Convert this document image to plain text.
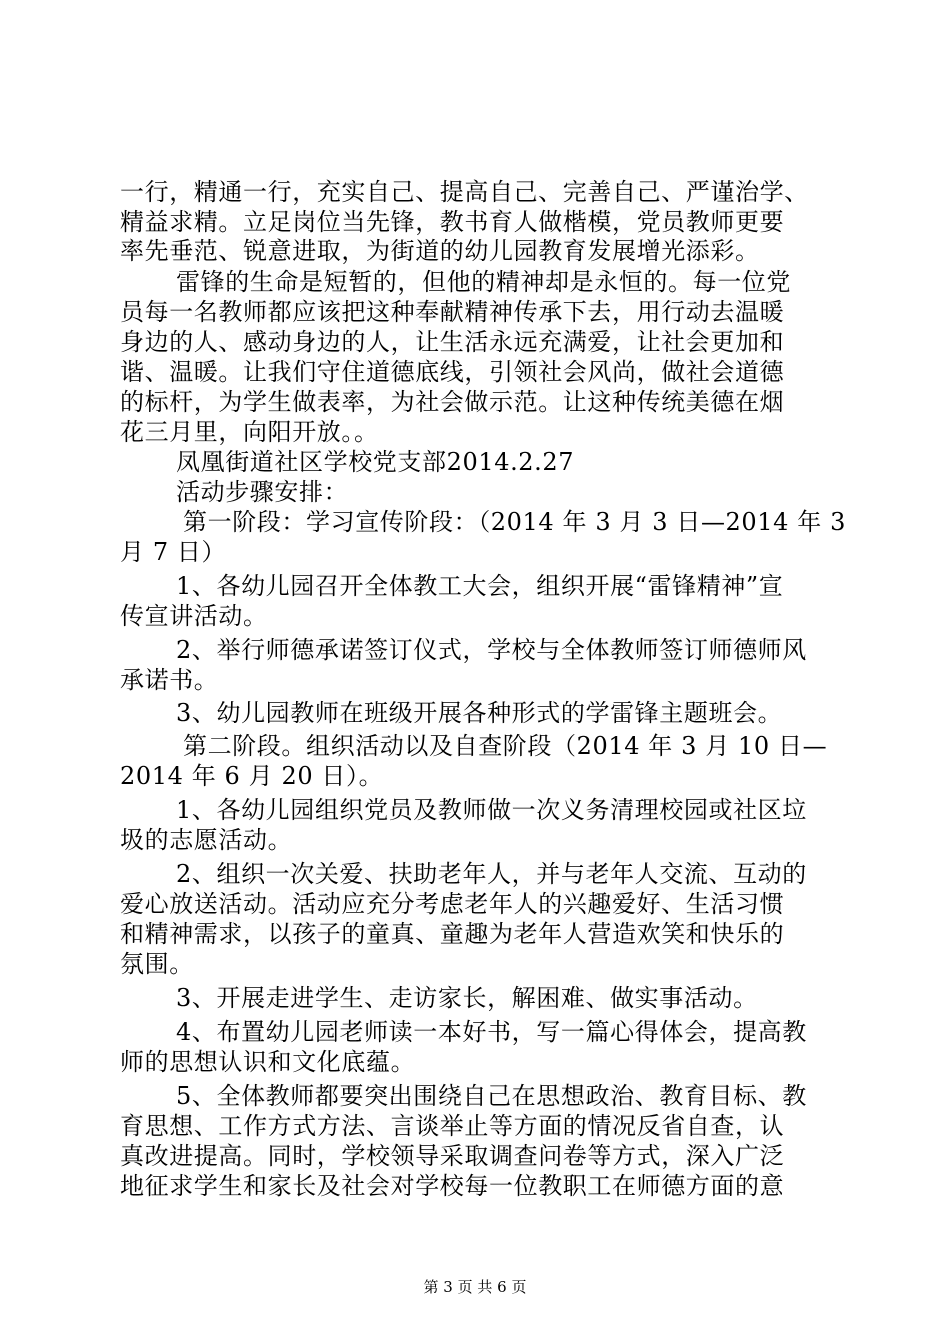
一行，精通一行，充实自己、提高自己、完善自己、严谨治学、
精益求精。立足岗位当先锋，教书育人做楷模，党员教师更要
率先垂范、锐意进取，为街道的幼儿园教育发展增光添彩。
雷锋的生命是短暂的，但他的精神却是永恒的。每一位党
员每一名教师都应该把这种奉献精神传承下去，用行动去温暖
身边的人、感动身边的人，让生活永远充满爱，让社会更加和
谐、温暖。让我们守住道德底线，引领社会风尚，做社会道德
的标杆，为学生做表率，为社会做示范。让这种传统美德在烟
花三月里，向阳开放。。
凤凰街道社区学校党支部2014.2.27
活动步骤安排：
第一阶段：学习宣传阶段：（2014 年 3 月 3 日—2014 年 3
月 7 日）
1、各幼儿园召开全体教工大会，组织开展“雷锋精神”宣
传宣讲活动。
2、举行师德承诺签订仪式，学校与全体教师签订师德师风
承诺书。
3、幼儿园教师在班级开展各种形式的学雷锋主题班会。
第二阶段。组织活动以及自查阶段（2014 年 3 月 10 日—
2014 年 6 月 20 日）。
1、各幼儿园组织党员及教师做一次义务清理校园或社区垃
圾的志愿活动。
2、组织一次关爱、扶助老年人，并与老年人交流、互动的
爱心放送活动。活动应充分考虑老年人的兴趣爱好、生活习惯
和精神需求，以孩子的童真、童趣为老年人营造欢笑和快乐的
氛围。
3、开展走进学生、走访家长，解困难、做实事活动。
4、布置幼儿园老师读一本好书，写一篇心得体会，提高教
师的思想认识和文化底蕴。
5、全体教师都要突出围绕自己在思想政治、教育目标、教
育思想、工作方式方法、言谈举止等方面的情况反省自查，认
真改进提高。同时，学校领导采取调查问卷等方式，深入广泛
地征求学生和家长及社会对学校每一位教职工在师德方面的意
第 3 页 共 6 页
